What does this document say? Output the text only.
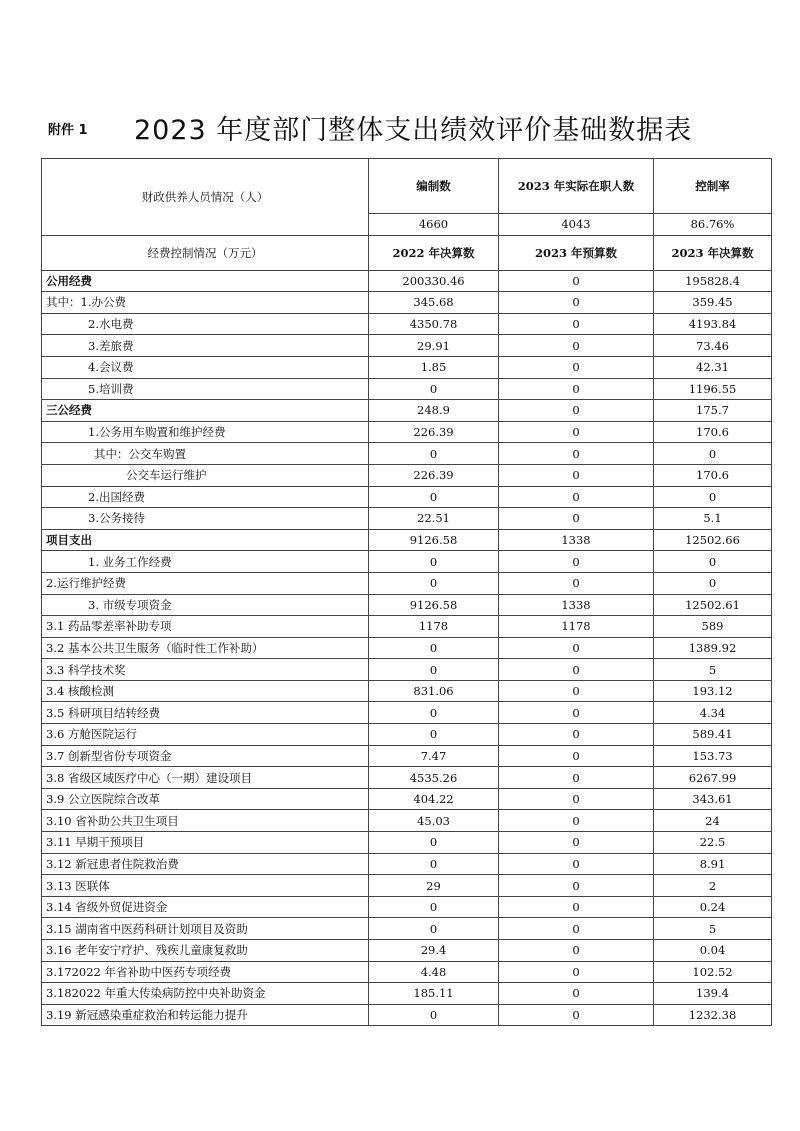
附件 1 2023 年度部门整体支出绩效评价基础数据表
财政供养人员情况（人）	编制数	2023 年实际在职人数	控制率
	4660	4043	86.76%
经费控制情况（万元）	2022 年决算数	2023 年预算数	2023 年决算数
公用经费	200330.46	0	195828.4
其中：1.办公费	345.68	0	359.45
2.水电费	4350.78	0	4193.84
3.差旅费	29.91	0	73.46
4.会议费	1.85	0	42.31
5.培训费	0	0	1196.55
三公经费	248.9	0	175.7
1.公务用车购置和维护经费	226.39	0	170.6
其中：公交车购置	0	0	0
公交车运行维护	226.39	0	170.6
2.出国经费	0	0	0
3.公务接待	22.51	0	5.1
项目支出	9126.58	1338	12502.66
1. 业务工作经费	0	0	0
2.运行维护经费	0	0	0
3. 市级专项资金	9126.58	1338	12502.61
3.1 药品零差率补助专项	1178	1178	589
3.2 基本公共卫生服务（临时性工作补助）	0	0	1389.92
3.3 科学技术奖	0	0	5
3.4 核酸检测	831.06	0	193.12
3.5 科研项目结转经费	0	0	4.34
3.6 方舱医院运行	0	0	589.41
3.7 创新型省份专项资金	7.47	0	153.73
3.8 省级区域医疗中心（一期）建设项目	4535.26	0	6267.99
3.9 公立医院综合改革	404.22	0	343.61
3.10 省补助公共卫生项目	45.03	0	24
3.11 早期干预项目	0	0	22.5
3.12 新冠患者住院救治费	0	0	8.91
3.13 医联体	29	0	2
3.14 省级外贸促进资金	0	0	0.24
3.15 湖南省中医药科研计划项目及资助	0	0	5
3.16 老年安宁疗护、残疾儿童康复救助	29.4	0	0.04
3.172022 年省补助中医药专项经费	4.48	0	102.52
3.182022 年重大传染病防控中央补助资金	185.11	0	139.4
3.19 新冠感染重症救治和转运能力提升	0	0	1232.38
